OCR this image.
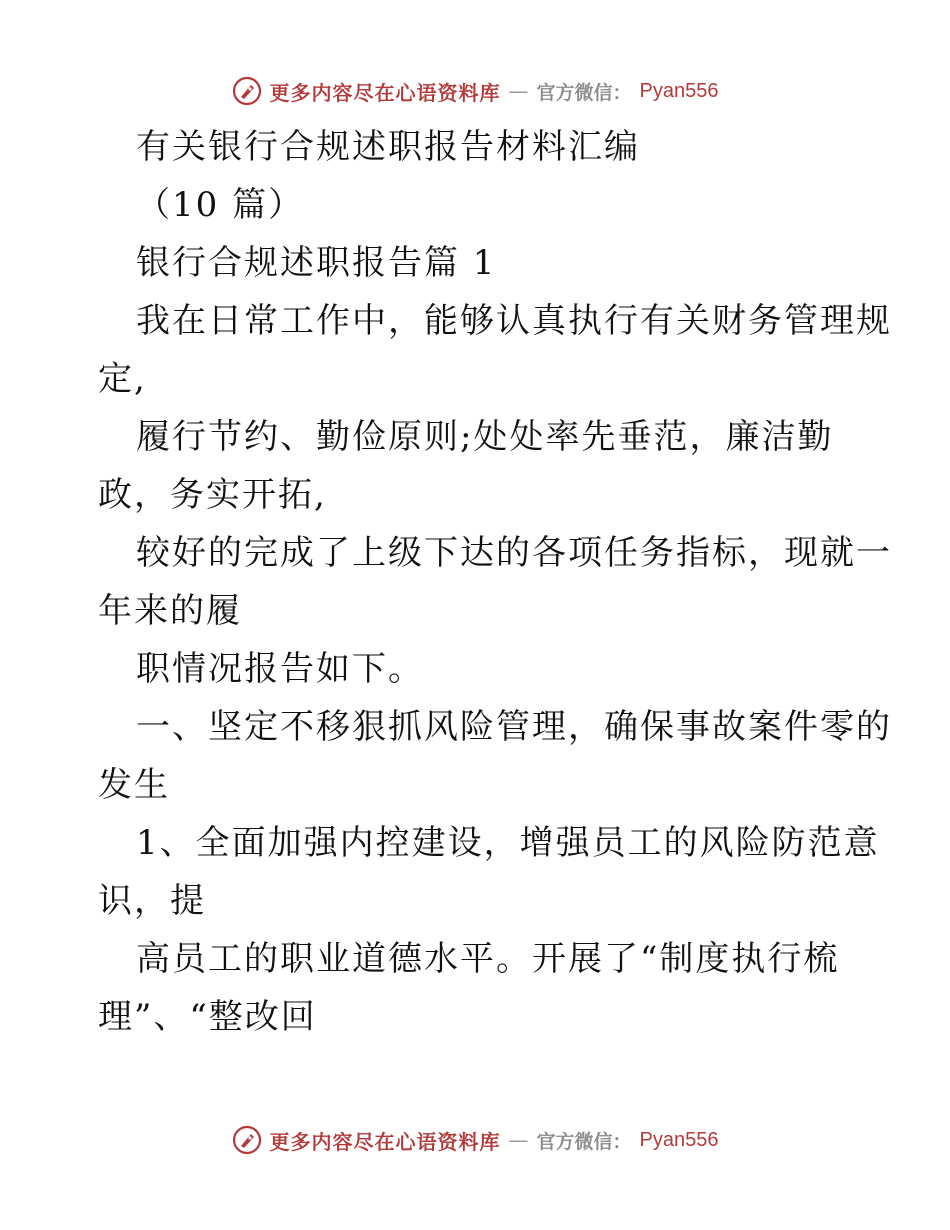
更多内容尽在心语资料库 — 官方微信： Pyan556
有关银行合规述职报告材料汇编
（10 篇）
银行合规述职报告篇 1
我在日常工作中，能够认真执行有关财务管理规
定,
履行节约、勤俭原则;处处率先垂范，廉洁勤
政，务实开拓,
较好的完成了上级下达的各项任务指标，现就一
年来的履
职情况报告如下。
一、坚定不移狠抓风险管理，确保事故案件零的
发生
1、全面加强内控建设，增强员工的风险防范意
识，提
高员工的职业道德水平。开展了“制度执行梳
理”、“整改回
更多内容尽在心语资料库 — 官方微信： Pyan556
